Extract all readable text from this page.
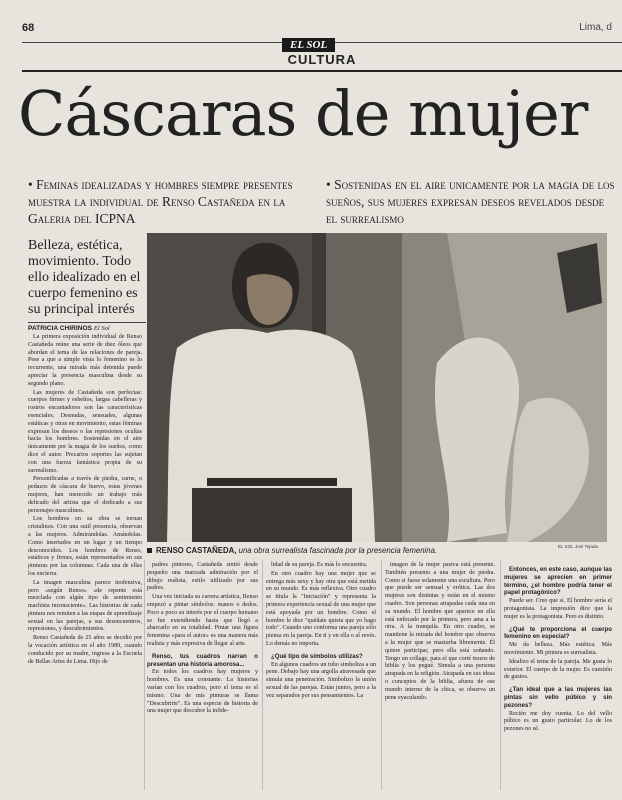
68	Lima, d
EL SOL
CULTURA
Cáscaras de mujer
• Feminas idealizadas y hombres siempre presentes muestra la individual de Renso Castañeda en la Galeria del ICPNA
• Sostenidas en el aire unicamente por la magia de los sueños, sus mujeres expresan deseos revelados desde el surrealismo
Belleza, estética, movimiento. Todo ello idealizado en el cuerpo femenino es su principal interés
RENSO CASTAÑEDA, una obra surrealista fascinada por la presencia femenina.	EL SOL Joel Tejada
PATRICIA CHIRINOS El Sol

La primera exposición individual de Renso Castañeda reúne una serie de diez óleos que abordan el tema de las relaciones de pareja. Pese a que a simple vista lo femenino es lo recurrente, una mirada más detenida puede apreciar la presencia masculina desde su segundo plano.

Las mujeres de Castañeda son perfectas: cuerpos firmes y esbeltos, largas cabelleras y rostros encantadores son las características esenciales. Desnudas, sensuales, algunas estáticas y otras en movimiento, estas féminas expresan los deseos o las represiones ocultas hacia los hombres. Sostenidas en el aire únicamente por la magia de los sueños, como dice el autor. Precarios soportes las sujetan con una fuerza fantástica propia de su surrealismo.

Personificadas a través de piedra, carne, o pedazos de cáscara de huevo, estas jóvenes mujeres, han merecido un trabajo más delicado del artista que el dedicado a sus personajes masculinos.

Los hombres en su obra se tornan cristalinos. Con una sutil presencia, observan a las mujeres. Admirándolas. Amándolas. Como insertados en un lugar y un tiempo desconocidos. Los hombres de Renso, estáticos y firmes, están representados en sus pinturas por las columnas. Cada una de ellas los encierra.

La imagen masculina parece inofensiva, pero «según Renso» «de repente está mezclada con algún tipo de sentimiento machista inconsciente». Las historias de cada pintura nos remiten a las etapas de aprendizaje sexual en las parejas, a sus desencuentros, represiones, y descubrimientos.

Renso Castañeda de 25 años se decidió por la vocación artística en el año 1989, cuando conducido por su madre, ingresa a la Escuela de Bellas Artes de Lima. Hijo de

padres pintores, Castañeda sintió desde pequeño una marcada admiración por el dibujo realista, estilo utilizado por sus padres.

Una vez iniciada su carrera artística, Renso empezó a pintar símbolos: manos o dedos. Poco a poco su interés por el cuerpo humano se fue extendiendo hasta que llegó a abarcarlo en su totalidad. Pintar una figura femenina «para el autor» es una manera más realista y más expresiva de llegar al arte.

Renso, tus cuadros narran o presentan una historia amorosa...

En todos los cuadros hay mujeres y hombres. Es una constante. La historias varían con los cuadros, pero el tema es el mismo. Una de mis pinturas se llama "Descubrirte". Es una especie de historia de una mujer que descubre la infide-

lidad de su pareja. Es más lo encuentra.

En otro cuadro hay una mujer que se entrega más sexy y hay otra que está metida en su mundo. Es más reflexiva. Otro cuadro se titula la "Iniciación" y representa la primera experiencia sexual de una mujer que está apoyada por un hombre. Como el hombre le dice "quédate quieta que yo hago todo". Cuando uno conforma una pareja sólo piensa en la pareja. En ti y en ella o al revés. Lo demás no importa.

¿Qué tipo de símbolos utilizas?

En algunos cuadros un tubo simboliza a un pene. Debajo hay una argolla atravesada que simula una penetración. Simbolizo la unión sexual de las parejas. Están juntos, pero a la vez separados por sus pensamientos. La

imagen de la mujer pasiva está presente. También presento a una mujer de piedra. Como si fuese solamente una escultura. Pero que puede ser sensual y erótica. Las dos mujeres son distintas y están en el mismo cuadro. Son personas atrapadas cada una en su mundo. El hombre que aparece en ella está enfocado por la primera, pero ama a la otra. A la tranquila. En otro cuadro, se mantiene la mirada del hombre que observa a la mujer que se masturba libremente. Él quiere participar, pero ella está soñando. Tengo un collage, para el que corté trozos de biblia y los pegué. Simula a una persona atrapada en la religión. Atrapada en sus ideas o conceptos de la biblia, afuera de ese mundo interno de la chica, se observa un pene eyaculando.

Entonces, en este caso, aunque las mujeres se aprecien en primer término, ¿el hombre podría tener el papel protagónico?

Puede ser. Creo que sí. El hombre sería el protagonista. La impresión dice que la mujer es la protagonista. Pero es distinto.

¿Qué te proporciona el cuerpo femenino en especial?

Me da belleza. Más estética. Más movimiento. Mi pintura es surrealista.

Idealizo el tema de la pareja. Me gusta lo exterior. El cuerpo de la mujer. Es cuestión de gustos.

¿Tan ideal que a las mujeres las pintas sin vello púbico y sin pezones?

Recién me doy cuenta. Lo del vello púbico es un gusto particular. Lo de los pezones no sé.
